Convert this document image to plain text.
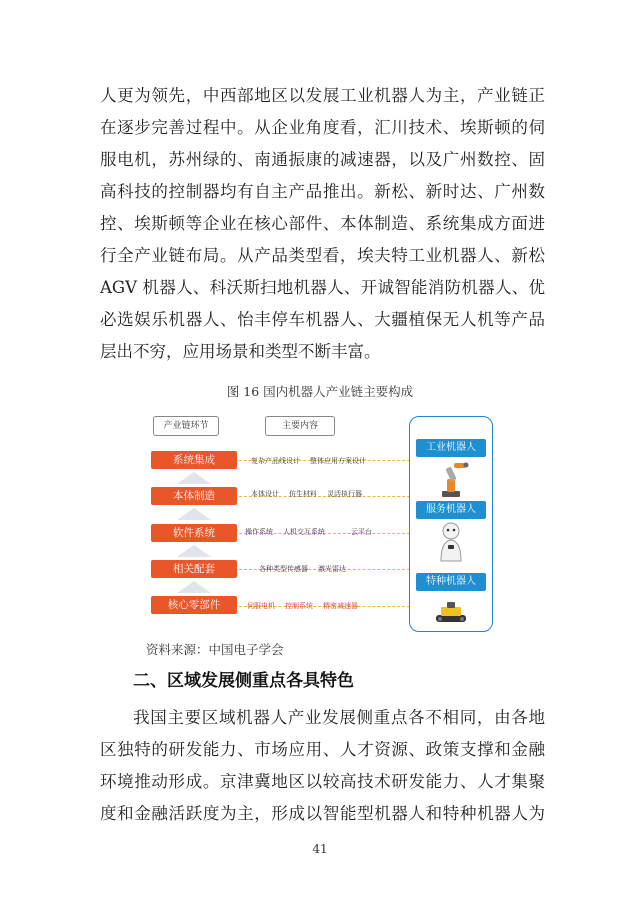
人更为领先，中西部地区以发展工业机器人为主，产业链正
在逐步完善过程中。从企业角度看，汇川技术、埃斯顿的伺
服电机，苏州绿的、南通振康的减速器，以及广州数控、固
高科技的控制器均有自主产品推出。新松、新时达、广州数
控、埃斯顿等企业在核心部件、本体制造、系统集成方面进
行全产业链布局。从产品类型看，埃夫特工业机器人、新松
AGV 机器人、科沃斯扫地机器人、开诚智能消防机器人、优
必选娱乐机器人、怡丰停车机器人、大疆植保无人机等产品
层出不穷，应用场景和类型不断丰富。
图 16 国内机器人产业链主要构成
产业链环节	主要内容
系统集成	复杂产品线设计 整体应用方案设计
本体制造	本体设计 仿生材料 灵活执行器
软件系统	操作系统 人机交互系统	云平台
相关配套	各种类型传感器 激光雷达
核心零部件	伺服电机 控制系统 精密减速器
工业机器人
服务机器人
特种机器人
资料来源：中国电子学会
二、区域发展侧重点各具特色
我国主要区域机器人产业发展侧重点各不相同，由各地
区独特的研发能力、市场应用、人才资源、政策支撑和金融
环境推动形成。京津冀地区以较高技术研发能力、人才集聚
度和金融活跃度为主，形成以智能型机器人和特种机器人为
41
